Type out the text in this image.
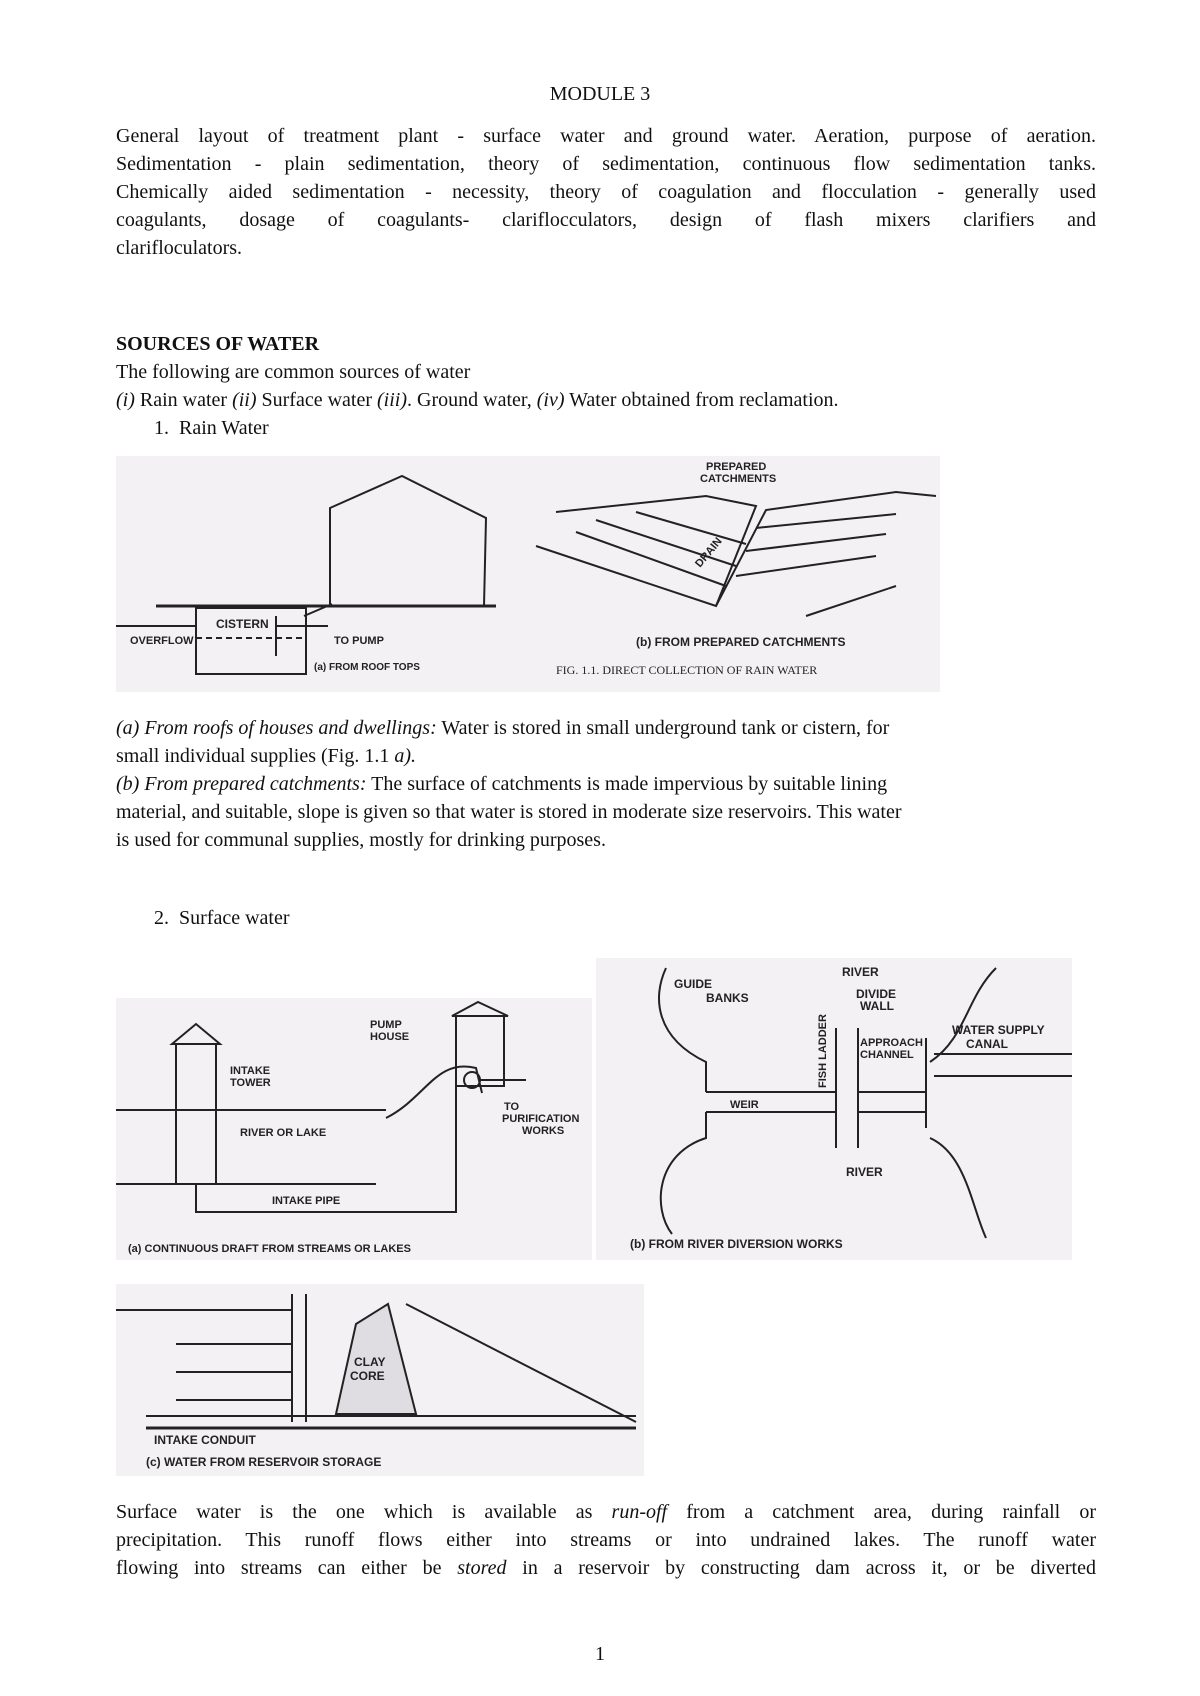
MODULE 3
General layout of treatment plant - surface water and ground water. Aeration, purpose of aeration.
Sedimentation - plain sedimentation, theory of sedimentation, continuous flow sedimentation tanks.
Chemically aided sedimentation - necessity, theory of coagulation and flocculation - generally used
coagulants, dosage of coagulants- clariflocculators, design of flash mixers clarifiers and
clarifloculators.
SOURCES OF WATER
The following are common sources of water
(i) Rain water (ii) Surface water (iii). Ground water, (iv) Water obtained from reclamation.
1.  Rain Water
CISTERN
OVERFLOW	TO PUMP
(a) FROM ROOF TOPS
PREPARED
CATCHMENTS
DRAIN
(b) FROM PREPARED CATCHMENTS
FIG. 1.1. DIRECT COLLECTION OF RAIN WATER
(a) From roofs of houses and dwellings: Water is stored in small underground tank or cistern, for
small individual supplies (Fig. 1.1 a).
(b) From prepared catchments: The surface of catchments is made impervious by suitable lining
material, and suitable, slope is given so that water is stored in moderate size reservoirs. This water
is used for communal supplies, mostly for drinking purposes.
2.  Surface water
PUMP
HOUSE
INTAKE
TOWER
RIVER OR LAKE
TO
PURIFICATION
WORKS
INTAKE PIPE
(a) CONTINUOUS DRAFT FROM STREAMS OR LAKES
GUIDE
BANKS
RIVER
DIVIDE
WALL
FISH LADDER	APPROACH
CHANNEL
WATER SUPPLY
CANAL
WEIR
RIVER
(b) FROM RIVER DIVERSION WORKS
CLAY
CORE
INTAKE CONDUIT
(c) WATER FROM RESERVOIR STORAGE
Surface water is the one which is available as run-off from a catchment area, during rainfall or
precipitation. This runoff flows either into streams or into undrained lakes. The runoff water
flowing into streams can either be stored in a reservoir by constructing dam across it, or be diverted
1
